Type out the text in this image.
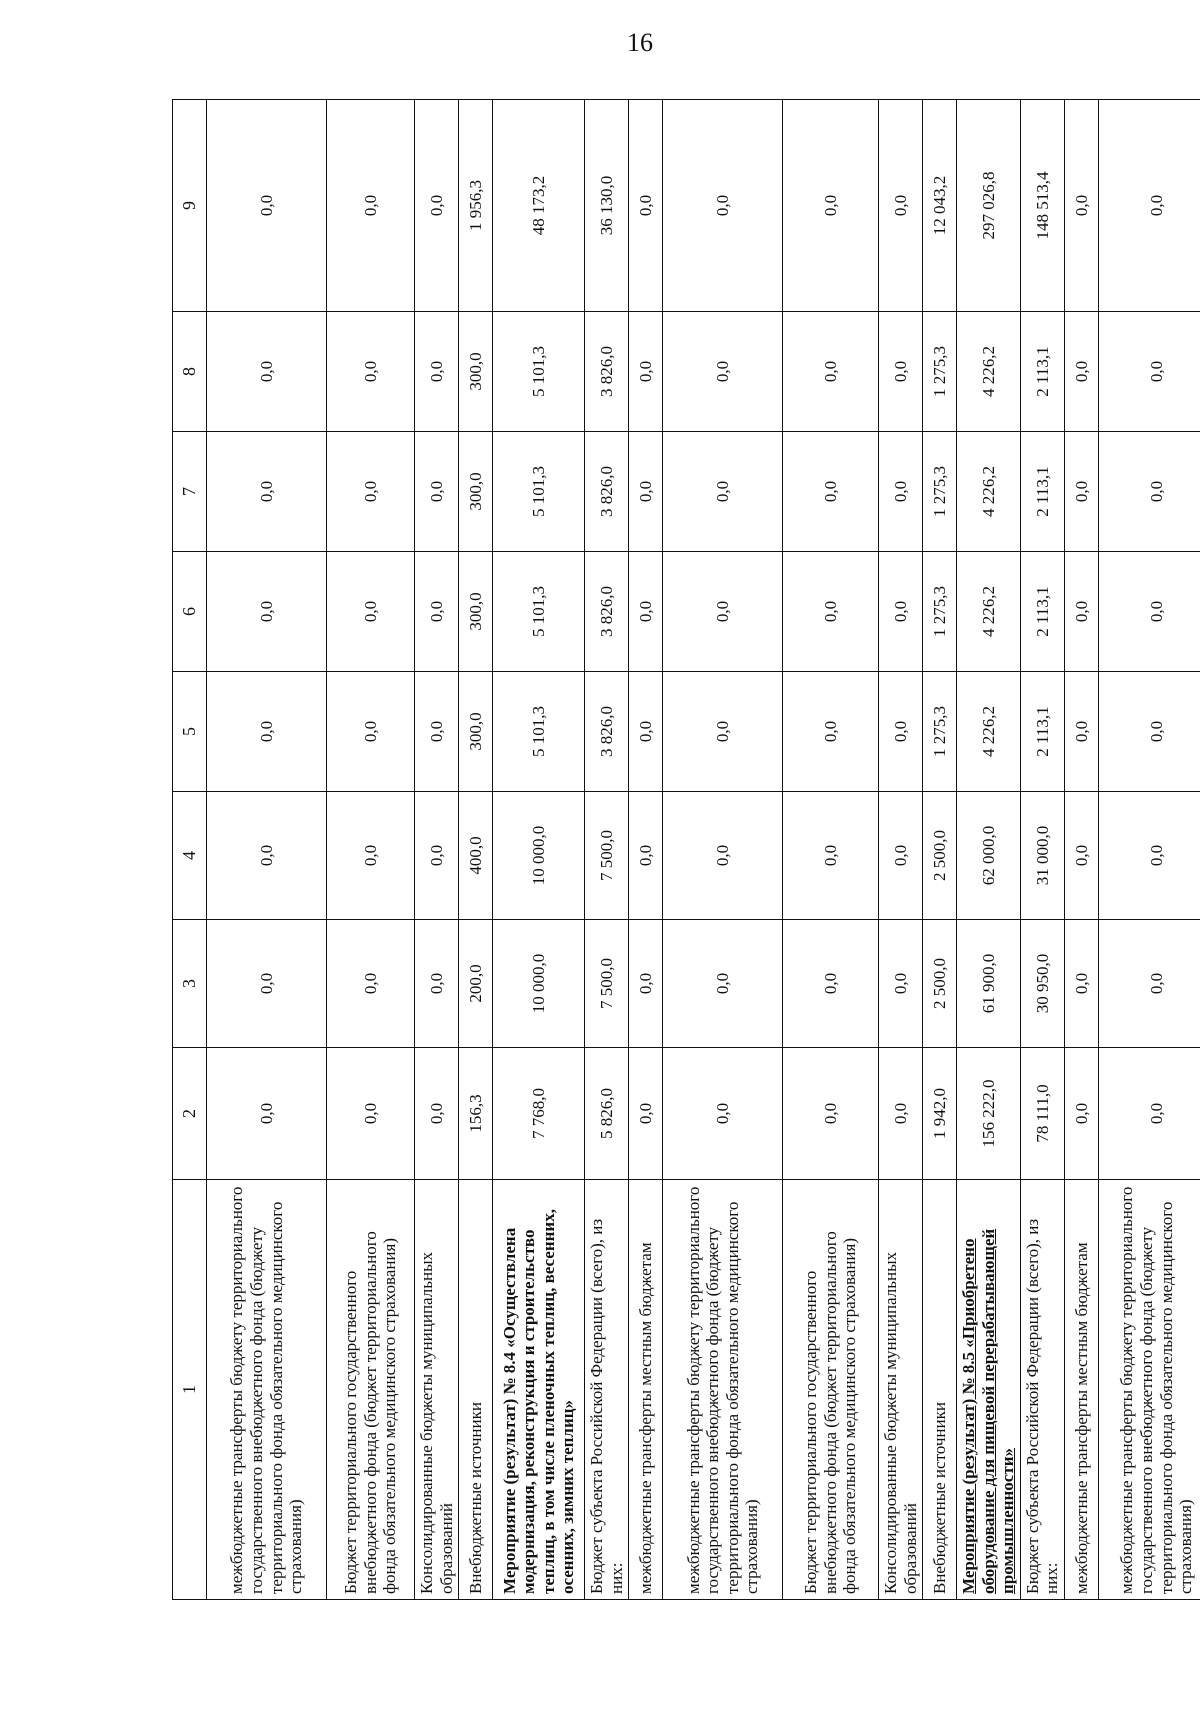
16
1	2	3	4	5	6	7	8	9
межбюджетные трансферты бюджету территориального государственного внебюджетного фонда (бюджету территориального фонда обязательного медицинского страхования)	0,0	0,0	0,0	0,0	0,0	0,0	0,0	0,0
Бюджет территориального государственного внебюджетного фонда (бюджет территориального фонда обязательного медицинского страхования)	0,0	0,0	0,0	0,0	0,0	0,0	0,0	0,0
Консолидированные бюджеты муниципальных образований	0,0	0,0	0,0	0,0	0,0	0,0	0,0	0,0
Внебюджетные источники	156,3	200,0	400,0	300,0	300,0	300,0	300,0	1 956,3
Мероприятие (результат) № 8.4 «Осуществлена модернизация, реконструкция и строительство теплиц, в том числе пленочных теплиц, весенних, осенних, зимних теплиц»	7 768,0	10 000,0	10 000,0	5 101,3	5 101,3	5 101,3	5 101,3	48 173,2
Бюджет субъекта Российской Федерации (всего), из них:	5 826,0	7 500,0	7 500,0	3 826,0	3 826,0	3 826,0	3 826,0	36 130,0
межбюджетные трансферты местным бюджетам	0,0	0,0	0,0	0,0	0,0	0,0	0,0	0,0
межбюджетные трансферты бюджету территориального государственного внебюджетного фонда (бюджету территориального фонда обязательного медицинского страхования)	0,0	0,0	0,0	0,0	0,0	0,0	0,0	0,0
Бюджет территориального государственного внебюджетного фонда (бюджет территориального фонда обязательного медицинского страхования)	0,0	0,0	0,0	0,0	0,0	0,0	0,0	0,0
Консолидированные бюджеты муниципальных образований	0,0	0,0	0,0	0,0	0,0	0,0	0,0	0,0
Внебюджетные источники	1 942,0	2 500,0	2 500,0	1 275,3	1 275,3	1 275,3	1 275,3	12 043,2
Мероприятие (результат) № 8.5 «Приобретено оборудование для пищевой перерабатывающей промышленности»	156 222,0	61 900,0	62 000,0	4 226,2	4 226,2	4 226,2	4 226,2	297 026,8
Бюджет субъекта Российской Федерации (всего), из них:	78 111,0	30 950,0	31 000,0	2 113,1	2 113,1	2 113,1	2 113,1	148 513,4
межбюджетные трансферты местным бюджетам	0,0	0,0	0,0	0,0	0,0	0,0	0,0	0,0
межбюджетные трансферты бюджету территориального государственного внебюджетного фонда (бюджету территориального фонда обязательного медицинского страхования)	0,0	0,0	0,0	0,0	0,0	0,0	0,0	0,0
